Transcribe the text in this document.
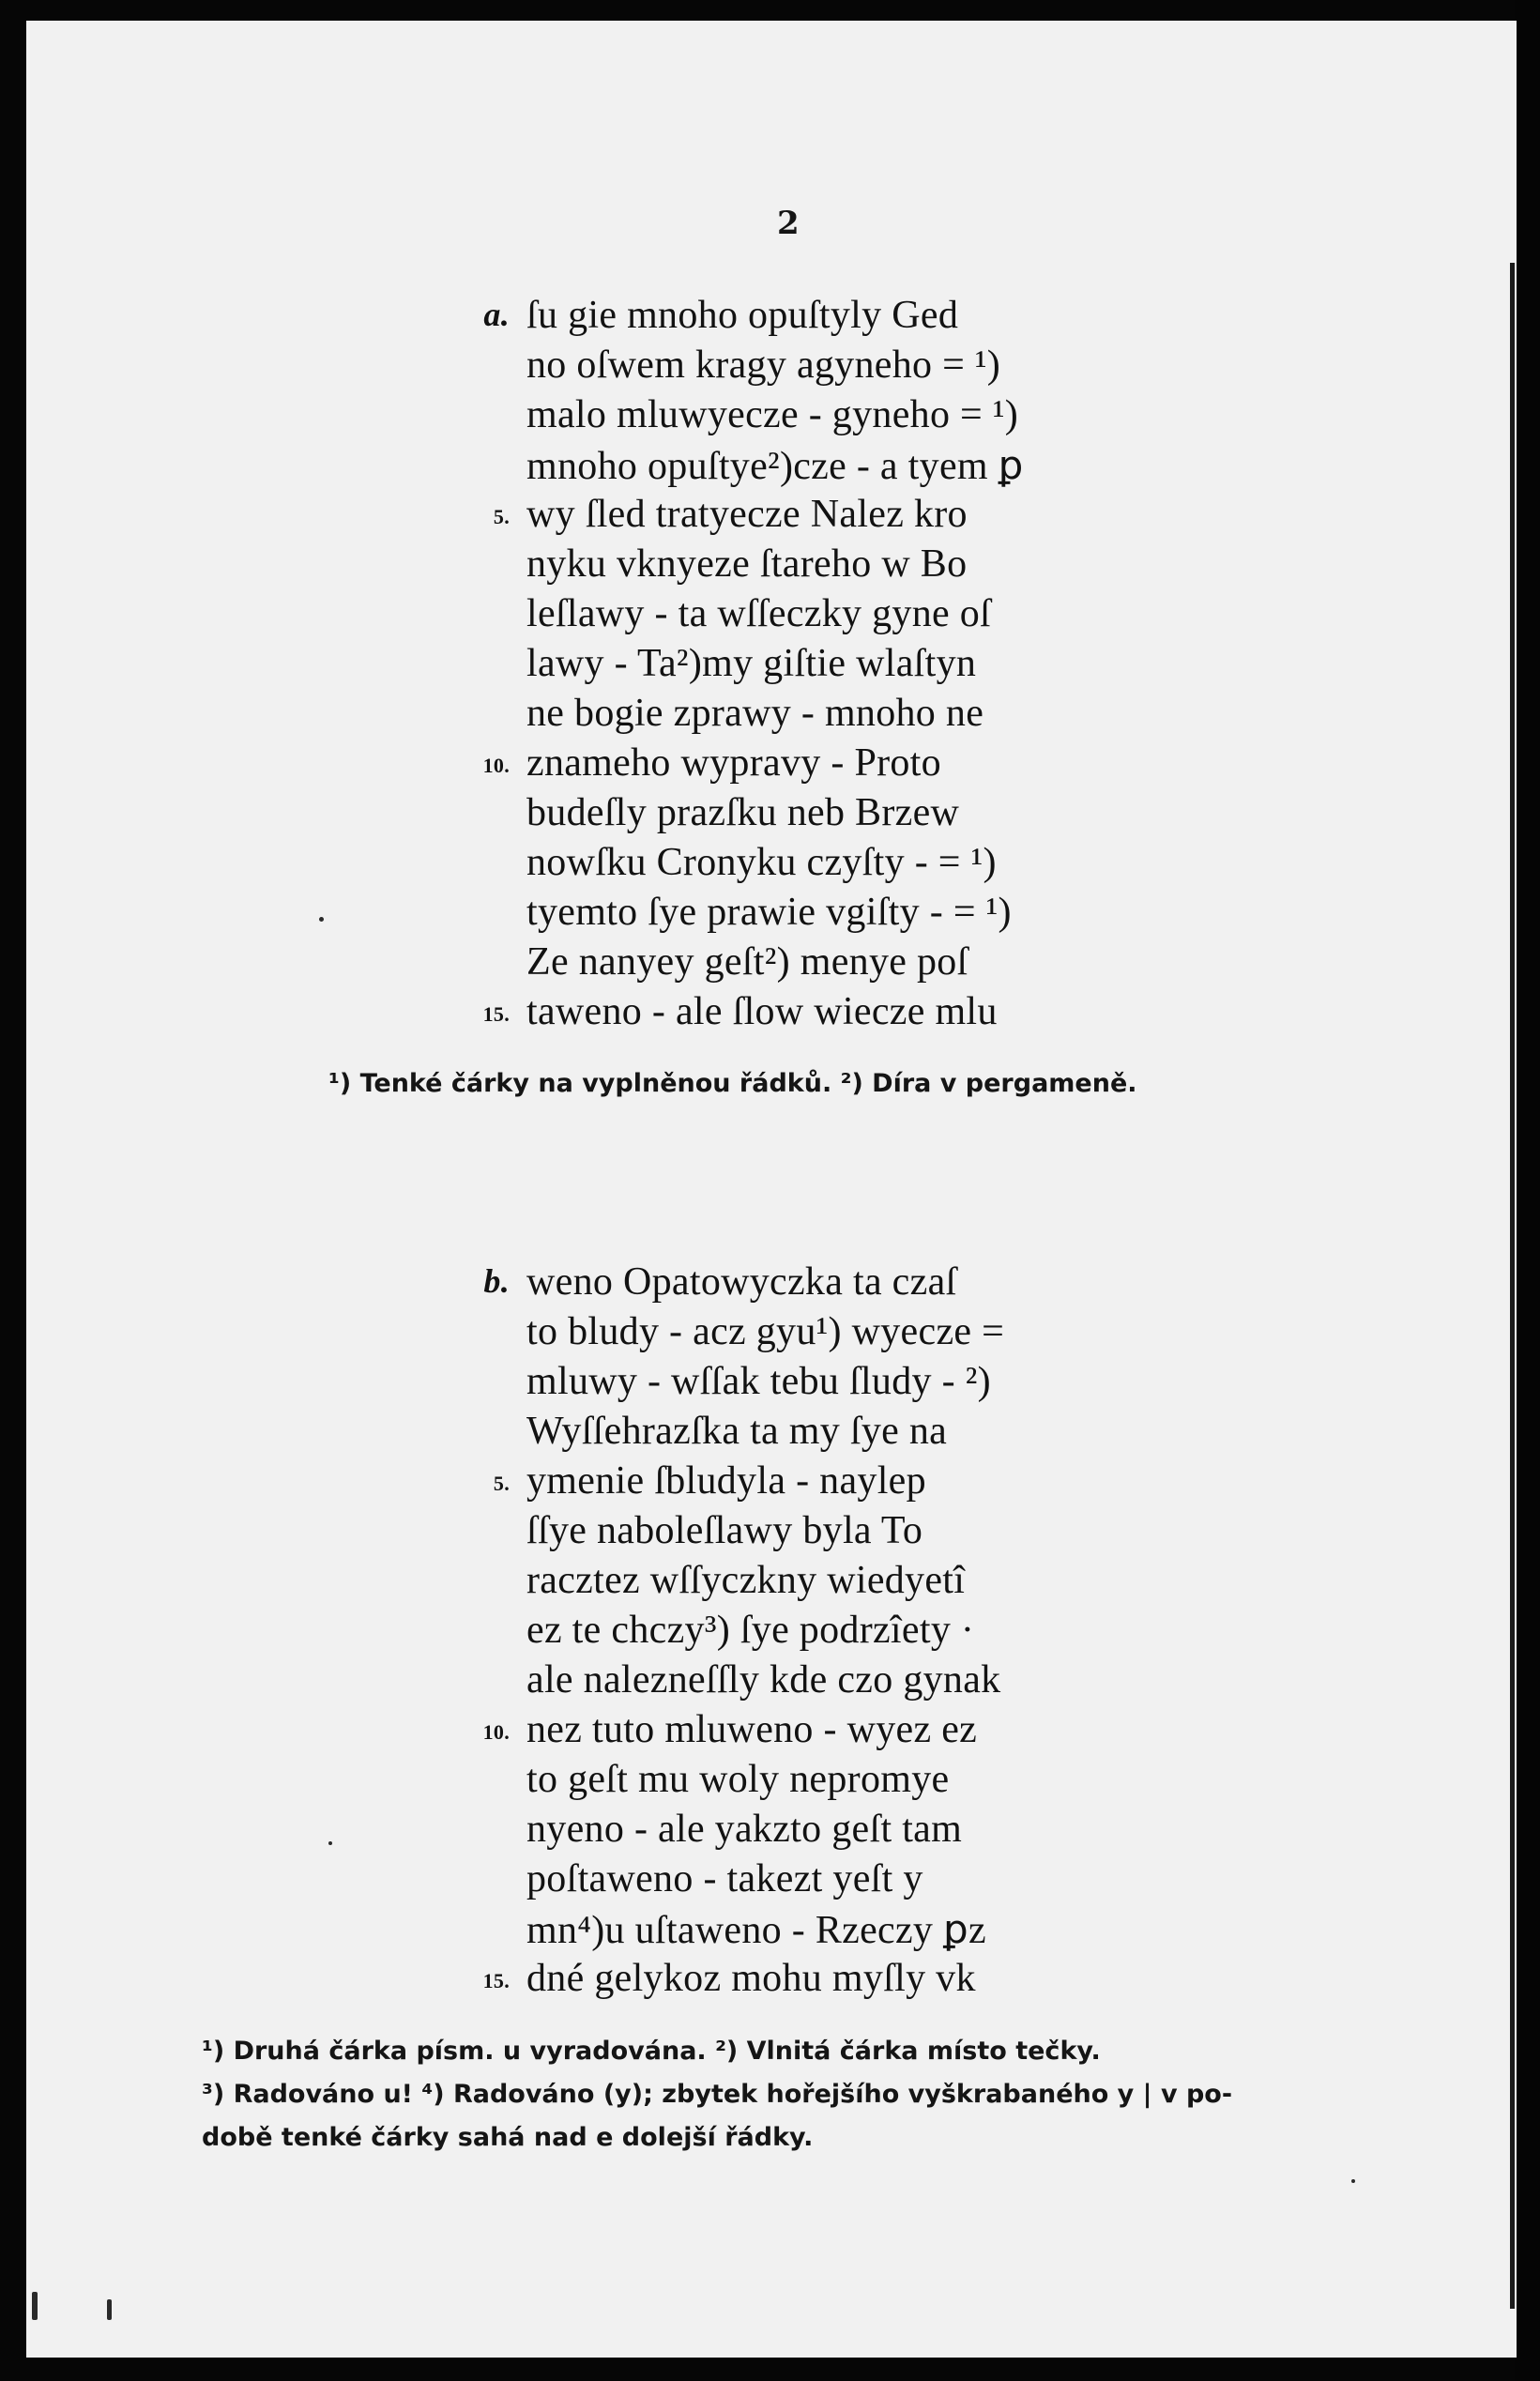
2
a. ſu gie mnoho opuſtyly Ged
no oſwem kragy agyneho = ¹)
malo mluwyecze - gyneho = ¹)
mnoho opuſtye²)cze - a tyem ꝑ
5. wy ſled tratyecze Nalez kro
nyku vknyeze ſtareho w Bo
leſlawy - ta wſſeczky gyne oſ
lawy - Ta²)my giſtie wlaſtyn
ne bogie zprawy - mnoho ne
10. znameho wypravy - Proto
budeſly prazſku neb Brzew
nowſku Cronyku czyſty - = ¹)
tyemto ſye prawie vgiſty - = ¹)
Ze nanyey geſt²) menye poſ
15. taweno - ale ſlow wiecze mlu
¹) Tenké čárky na vyplněnou řádků. ²) Díra v pergameně.
b. weno Opatowyczka ta czaſ
to bludy - acz gyu¹) wyecze =
mluwy - wſſak tebu ſludy - ²)
Wyſſehrazſka ta my ſye na
5. ymenie ſbludyla - naylep
ſſye naboleſlawy byla To
racztez wſſyczkny wiedyetî
ez te chczy³) ſye podrzîety ·
ale nalezneſſly kde czo gynak
10. nez tuto mluweno - wyez ez
to geſt mu woly nepromye
nyeno - ale yakzto geſt tam
poſtaweno - takezt yeſt y
mn⁴)u uſtaweno - Rzeczy ꝑz
15. dné gelykoz mohu myſly vk
¹) Druhá čárka písm. u vyradována. ²) Vlnitá čárka místo tečky.
³) Radováno u! ⁴) Radováno (y); zbytek hořejšího vyškrabaného y | v po-
době tenké čárky sahá nad e dolejší řádky.
